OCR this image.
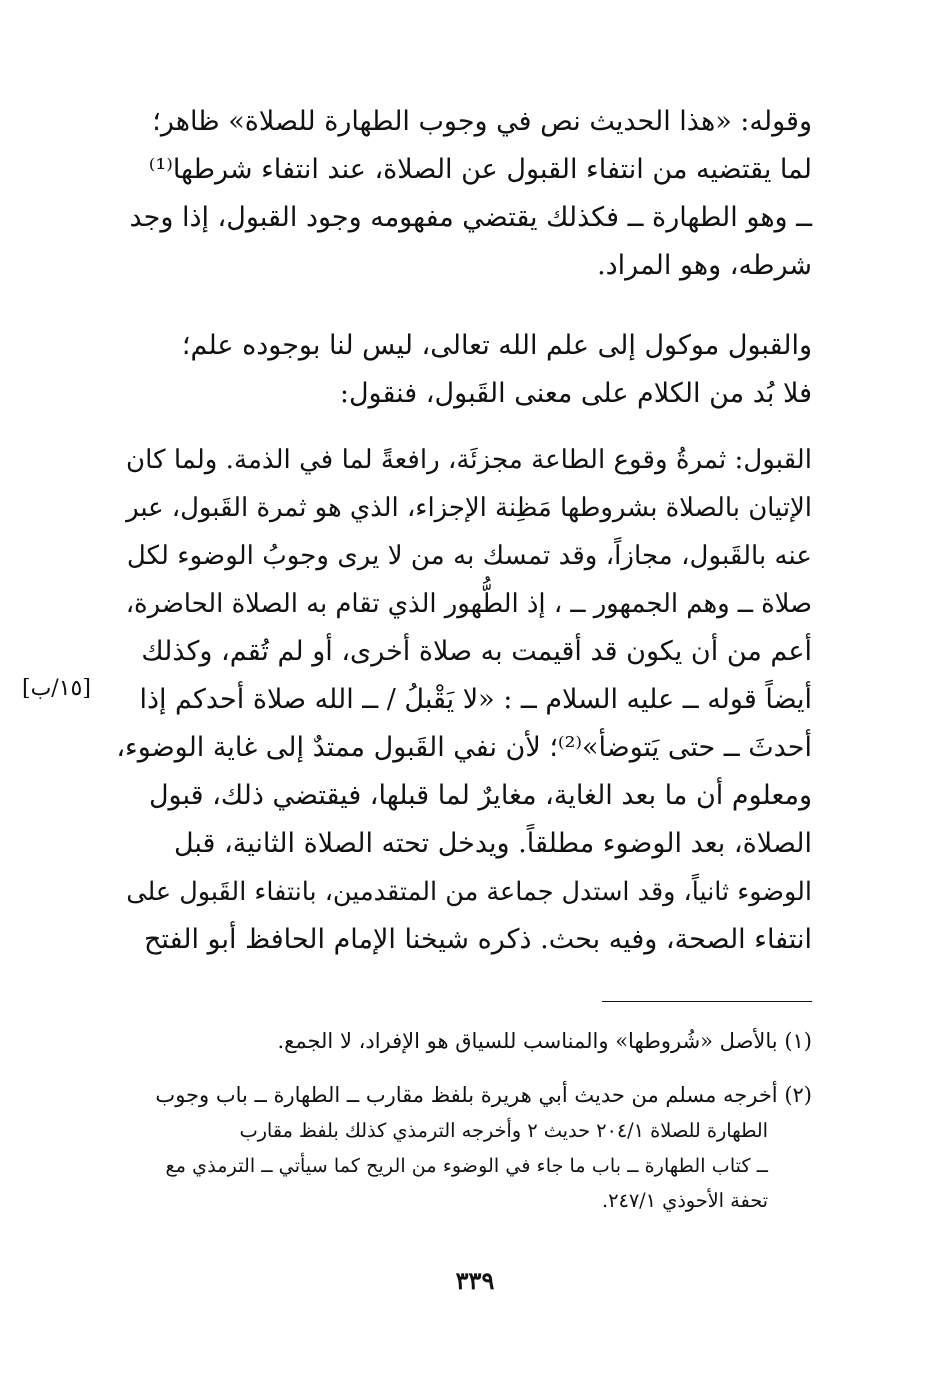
وقوله: «هذا الحديث نص في وجوب الطهارة للصلاة» ظاهر؛
لما يقتضيه من انتفاء القبول عن الصلاة، عند انتفاء شرطها⁽¹⁾
ــ وهو الطهارة ــ فكذلك يقتضي مفهومه وجود القبول، إذا وجد
شرطه، وهو المراد.
والقبول موكول إلى علم الله تعالى، ليس لنا بوجوده علم؛
فلا بُد من الكلام على معنى القَبول، فنقول:
القبول: ثمرةُ وقوع الطاعة مجزئَة، رافعةً لما في الذمة. ولما كان
الإتيان بالصلاة بشروطها مَظِنة الإجزاء، الذي هو ثمرة القَبول، عبر
عنه بالقَبول، مجازاً، وقد تمسك به من لا يرى وجوبُ الوضوء لكل
صلاة ــ وهم الجمهور ــ ، إذ الطُّهور الذي تقام به الصلاة الحاضرة،
أعم من أن يكون قد أقيمت به صلاة أخرى، أو لم تُقم، وكذلك
أيضاً قوله ــ عليه السلام ــ : «لا يَقْبلُ / ــ الله صلاة أحدكم إذا
أحدثَ ــ حتى يَتوضأ»⁽²⁾؛ لأن نفي القَبول ممتدٌ إلى غاية الوضوء،
ومعلوم أن ما بعد الغاية، مغايرٌ لما قبلها، فيقتضي ذلك، قبول
الصلاة، بعد الوضوء مطلقاً. ويدخل تحته الصلاة الثانية، قبل
الوضوء ثانياً، وقد استدل جماعة من المتقدمين، بانتفاء القَبول على
انتفاء الصحة، وفيه بحث. ذكره شيخنا الإمام الحافظ أبو الفتح
[١٥/ب]
(١) بالأصل «شُروطها» والمناسب للسياق هو الإفراد، لا الجمع.
(٢) أخرجه مسلم من حديث أبي هريرة بلفظ مقارب ــ الطهارة ــ باب وجوب
الطهارة للصلاة ٢٠٤/١ حديث ٢ وأخرجه الترمذي كذلك بلفظ مقارب
ــ كتاب الطهارة ــ باب ما جاء في الوضوء من الريح كما سيأتي ــ الترمذي مع
تحفة الأحوذي ٢٤٧/١.
٣٣٩
